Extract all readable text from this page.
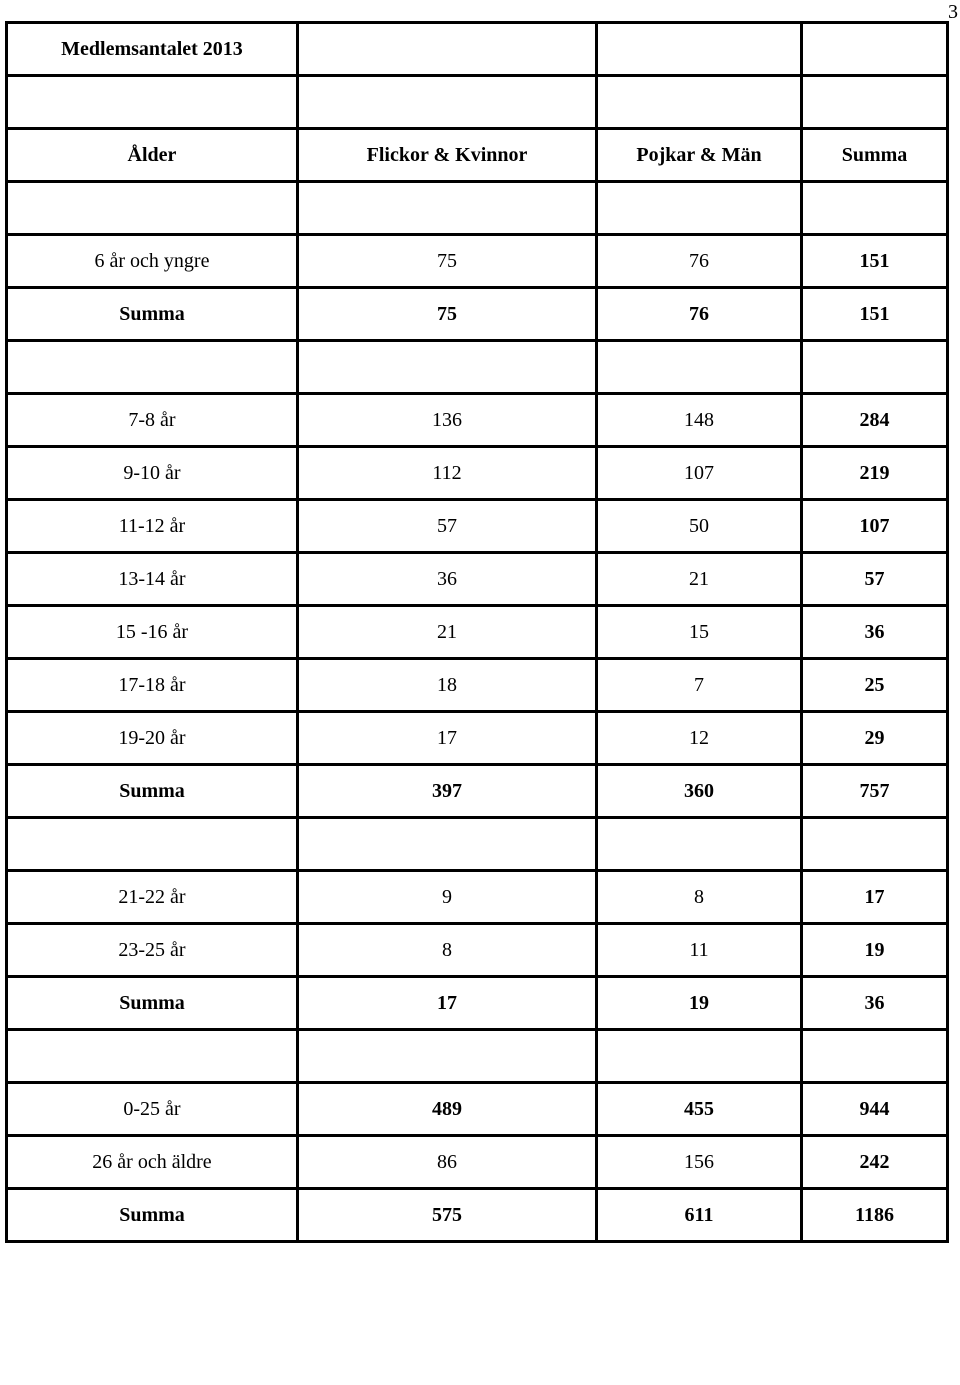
3
Medlemsantalet 2013			

Ålder	Flickor & Kvinnor	Pojkar & Män	Summa

6 år och yngre	75	76	151
Summa	75	76	151

7-8 år	136	148	284
9-10 år	112	107	219
11-12 år	57	50	107
13-14 år	36	21	57
15 -16 år	21	15	36
17-18 år	18	7	25
19-20 år	17	12	29
Summa	397	360	757

21-22 år	9	8	17
23-25 år	8	11	19
Summa	17	19	36

0-25 år	489	455	944
26 år och äldre	86	156	242
Summa	575	611	1186
